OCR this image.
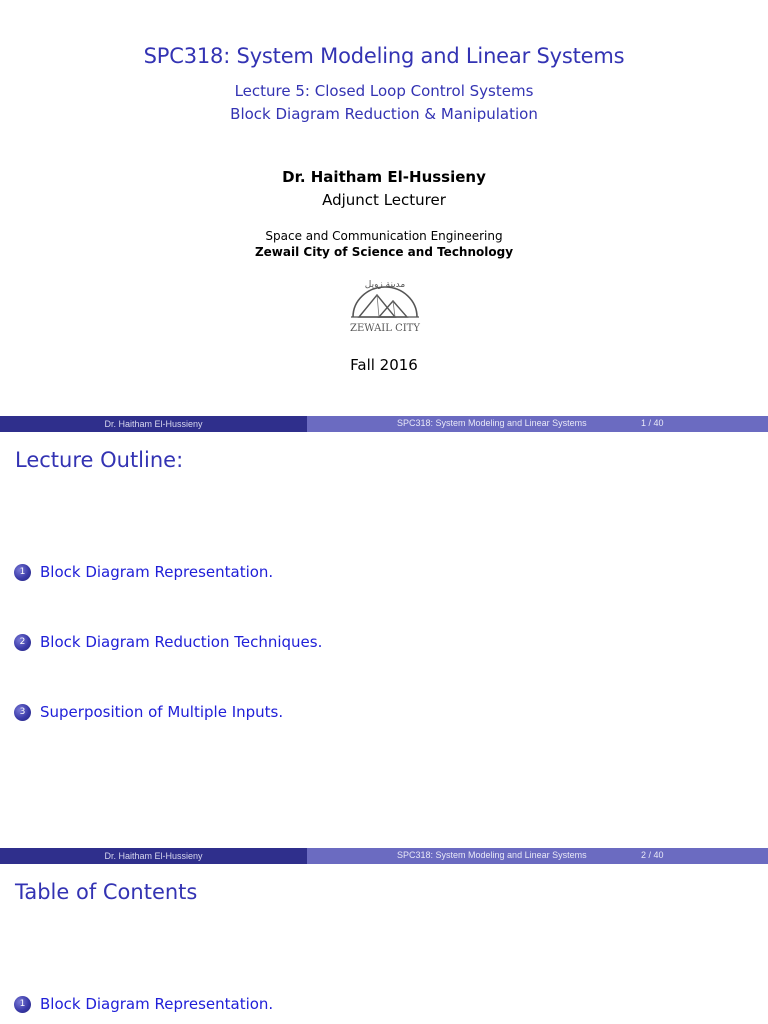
SPC318: System Modeling and Linear Systems
Lecture 5: Closed Loop Control Systems
Block Diagram Reduction & Manipulation
Dr. Haitham El-Hussieny
Adjunct Lecturer
Space and Communication Engineering
Zewail City of Science and Technology
مدينة زويل
ZEWAIL CITY
Fall 2016
Dr. Haitham El-Hussieny	SPC318: System Modeling and Linear Systems	1 / 40
Lecture Outline:
1 Block Diagram Representation.
2 Block Diagram Reduction Techniques.
3 Superposition of Multiple Inputs.
Dr. Haitham El-Hussieny	SPC318: System Modeling and Linear Systems	2 / 40
Table of Contents
1 Block Diagram Representation.
